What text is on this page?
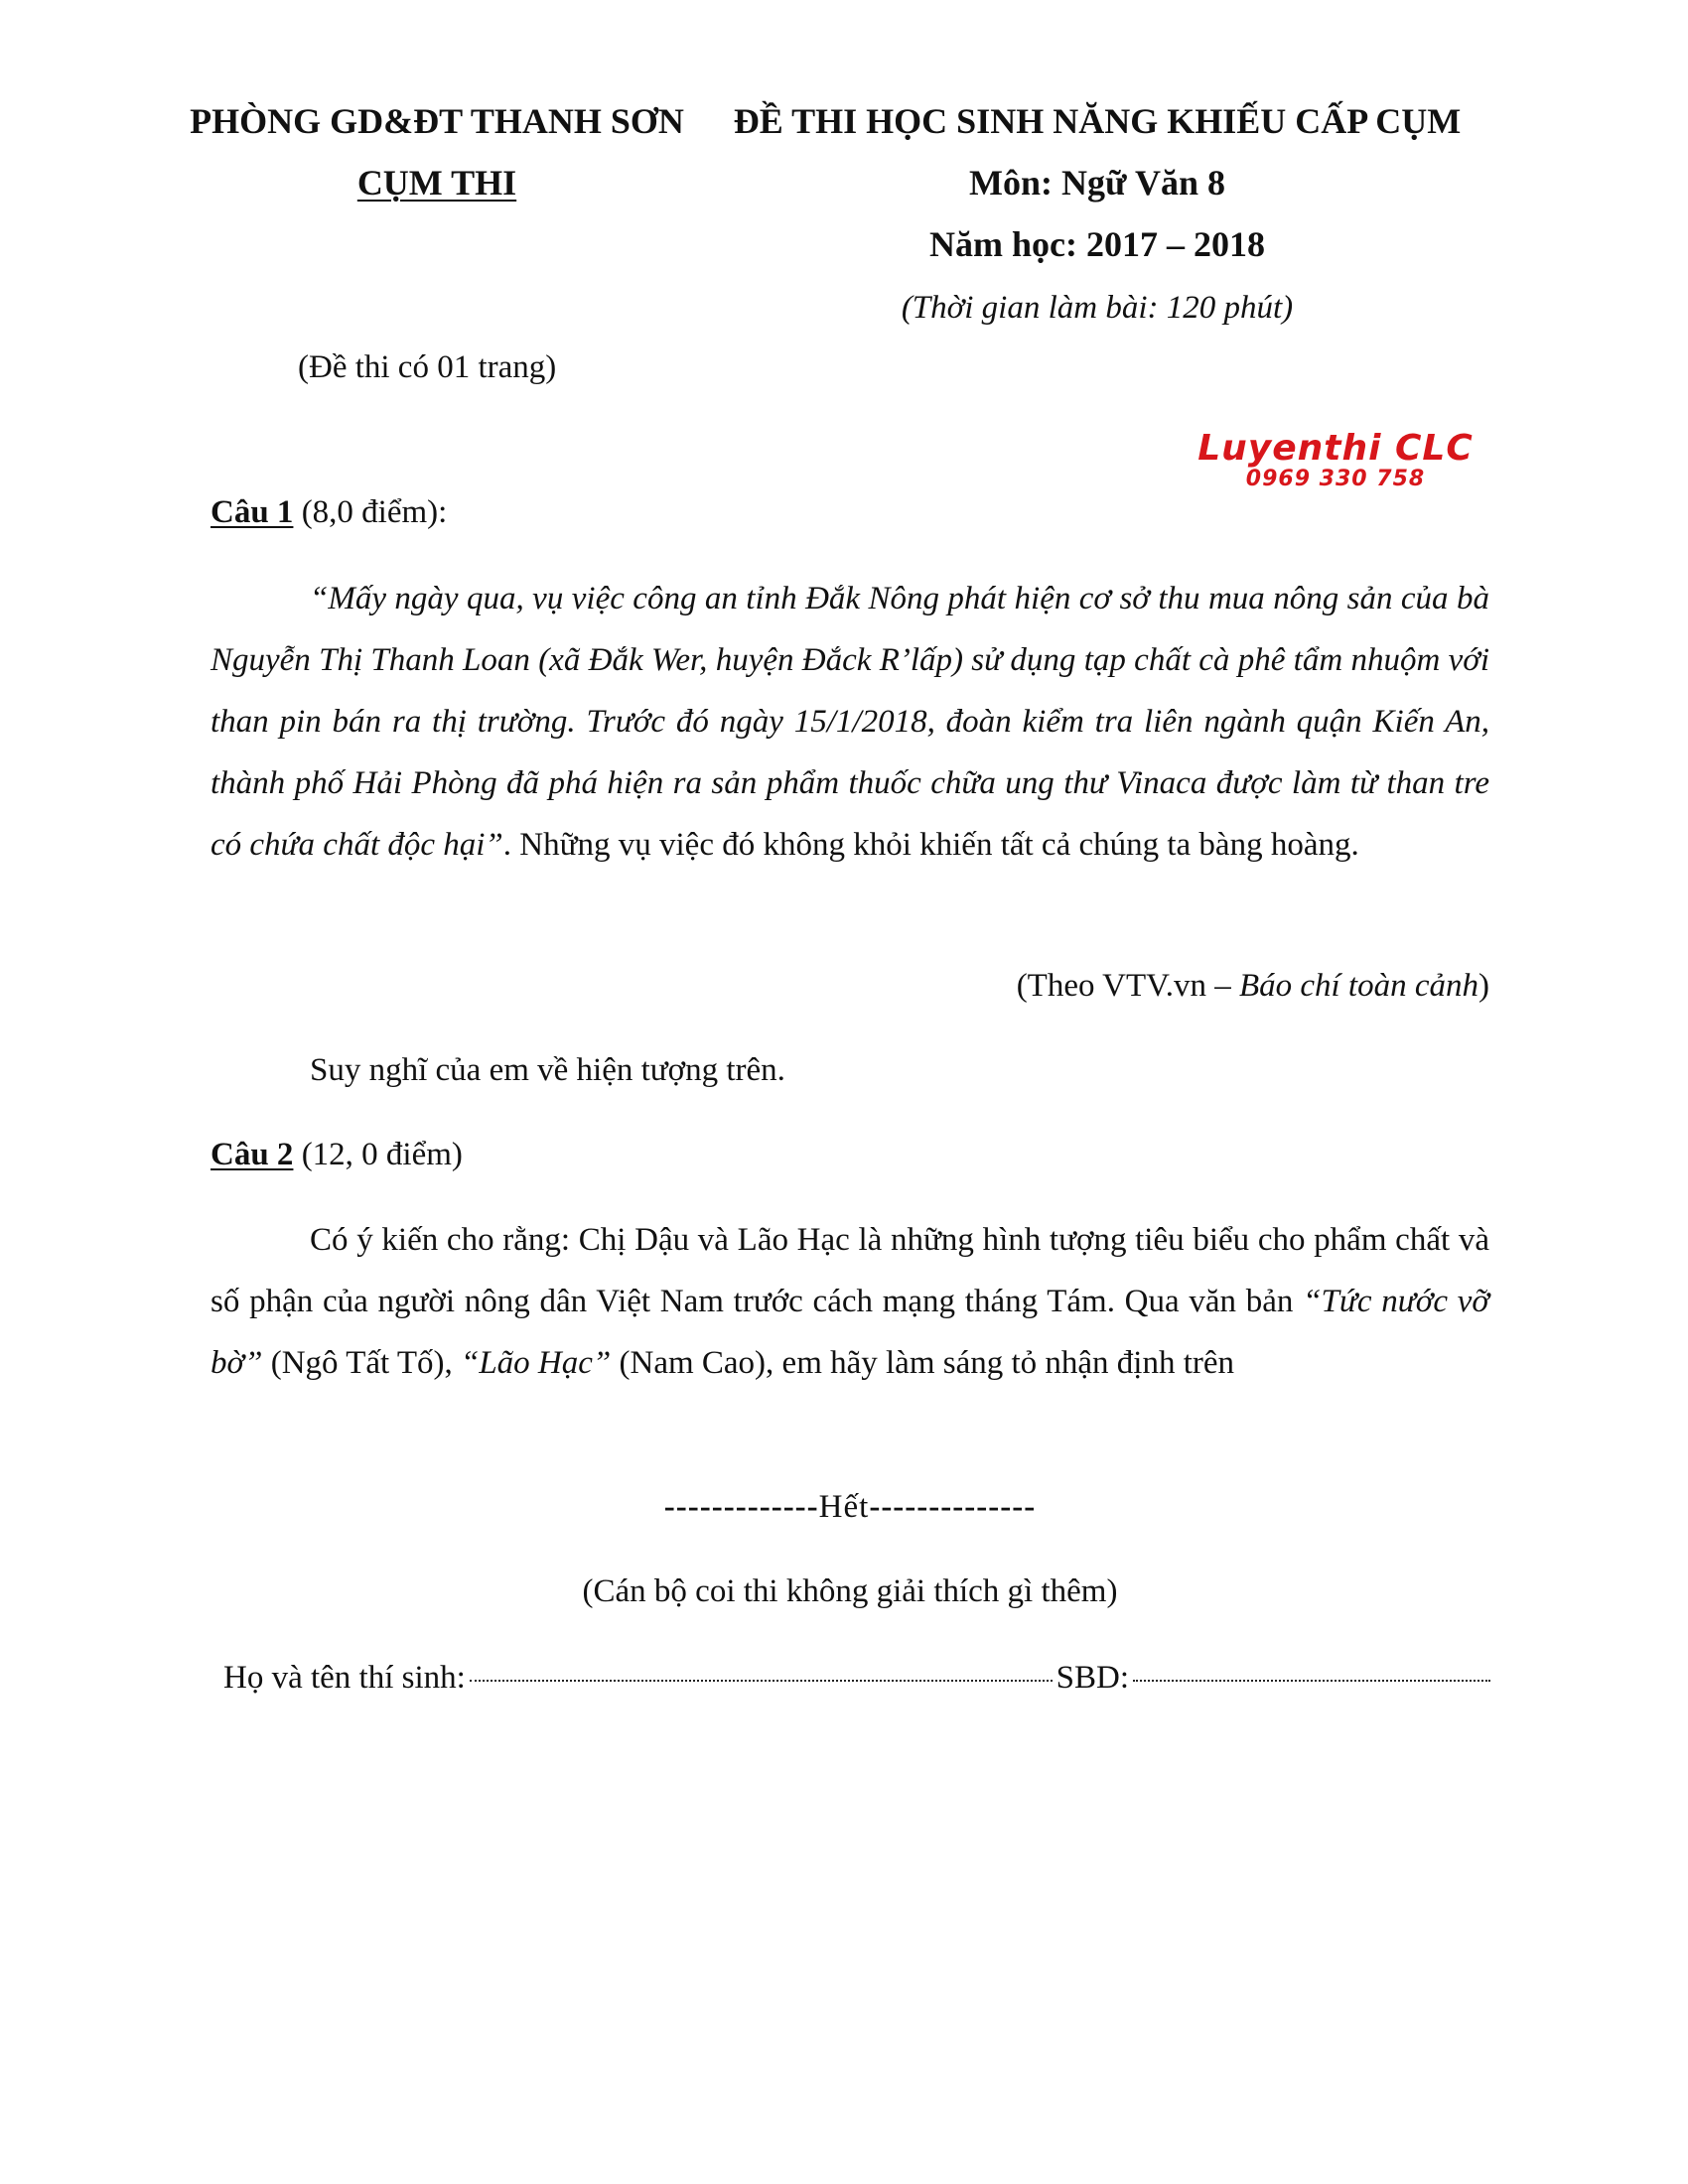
PHÒNG GD&ĐT THANH SƠN
CỤM THI
ĐỀ THI HỌC SINH NĂNG KHIẾU CẤP CỤM
Môn: Ngữ Văn 8
Năm học: 2017 – 2018
(Thời gian làm bài: 120 phút)
(Đề thi có 01 trang)
Luyenthi CLC
0969 330 758
Câu 1 (8,0 điểm):
“Mấy ngày qua, vụ việc công an tỉnh Đắk Nông phát hiện cơ sở thu mua nông sản của bà Nguyễn Thị Thanh Loan (xã Đắk Wer, huyện Đắck R’lấp) sử dụng tạp chất cà phê tẩm nhuộm với than pin bán ra thị trường. Trước đó ngày 15/1/2018, đoàn kiểm tra liên ngành quận Kiến An, thành phố Hải Phòng đã phá hiện ra sản phẩm thuốc chữa ung thư Vinaca được làm từ than tre có chứa chất độc hại”. Những vụ việc đó không khỏi khiến tất cả chúng ta bàng hoàng.
(Theo VTV.vn – Báo chí toàn cảnh)
Suy nghĩ của em về hiện tượng trên.
Câu 2 (12, 0 điểm)
Có ý kiến cho rằng: Chị Dậu và Lão Hạc là những hình tượng tiêu biểu cho phẩm chất và số phận của người nông dân Việt Nam trước cách mạng tháng Tám. Qua văn bản “Tức nước vỡ bờ” (Ngô Tất Tố), “Lão Hạc” (Nam Cao), em hãy làm sáng tỏ nhận định trên
-------------Hết--------------
(Cán bộ coi thi không giải thích gì thêm)
Họ và tên thí sinh:	SBD:
